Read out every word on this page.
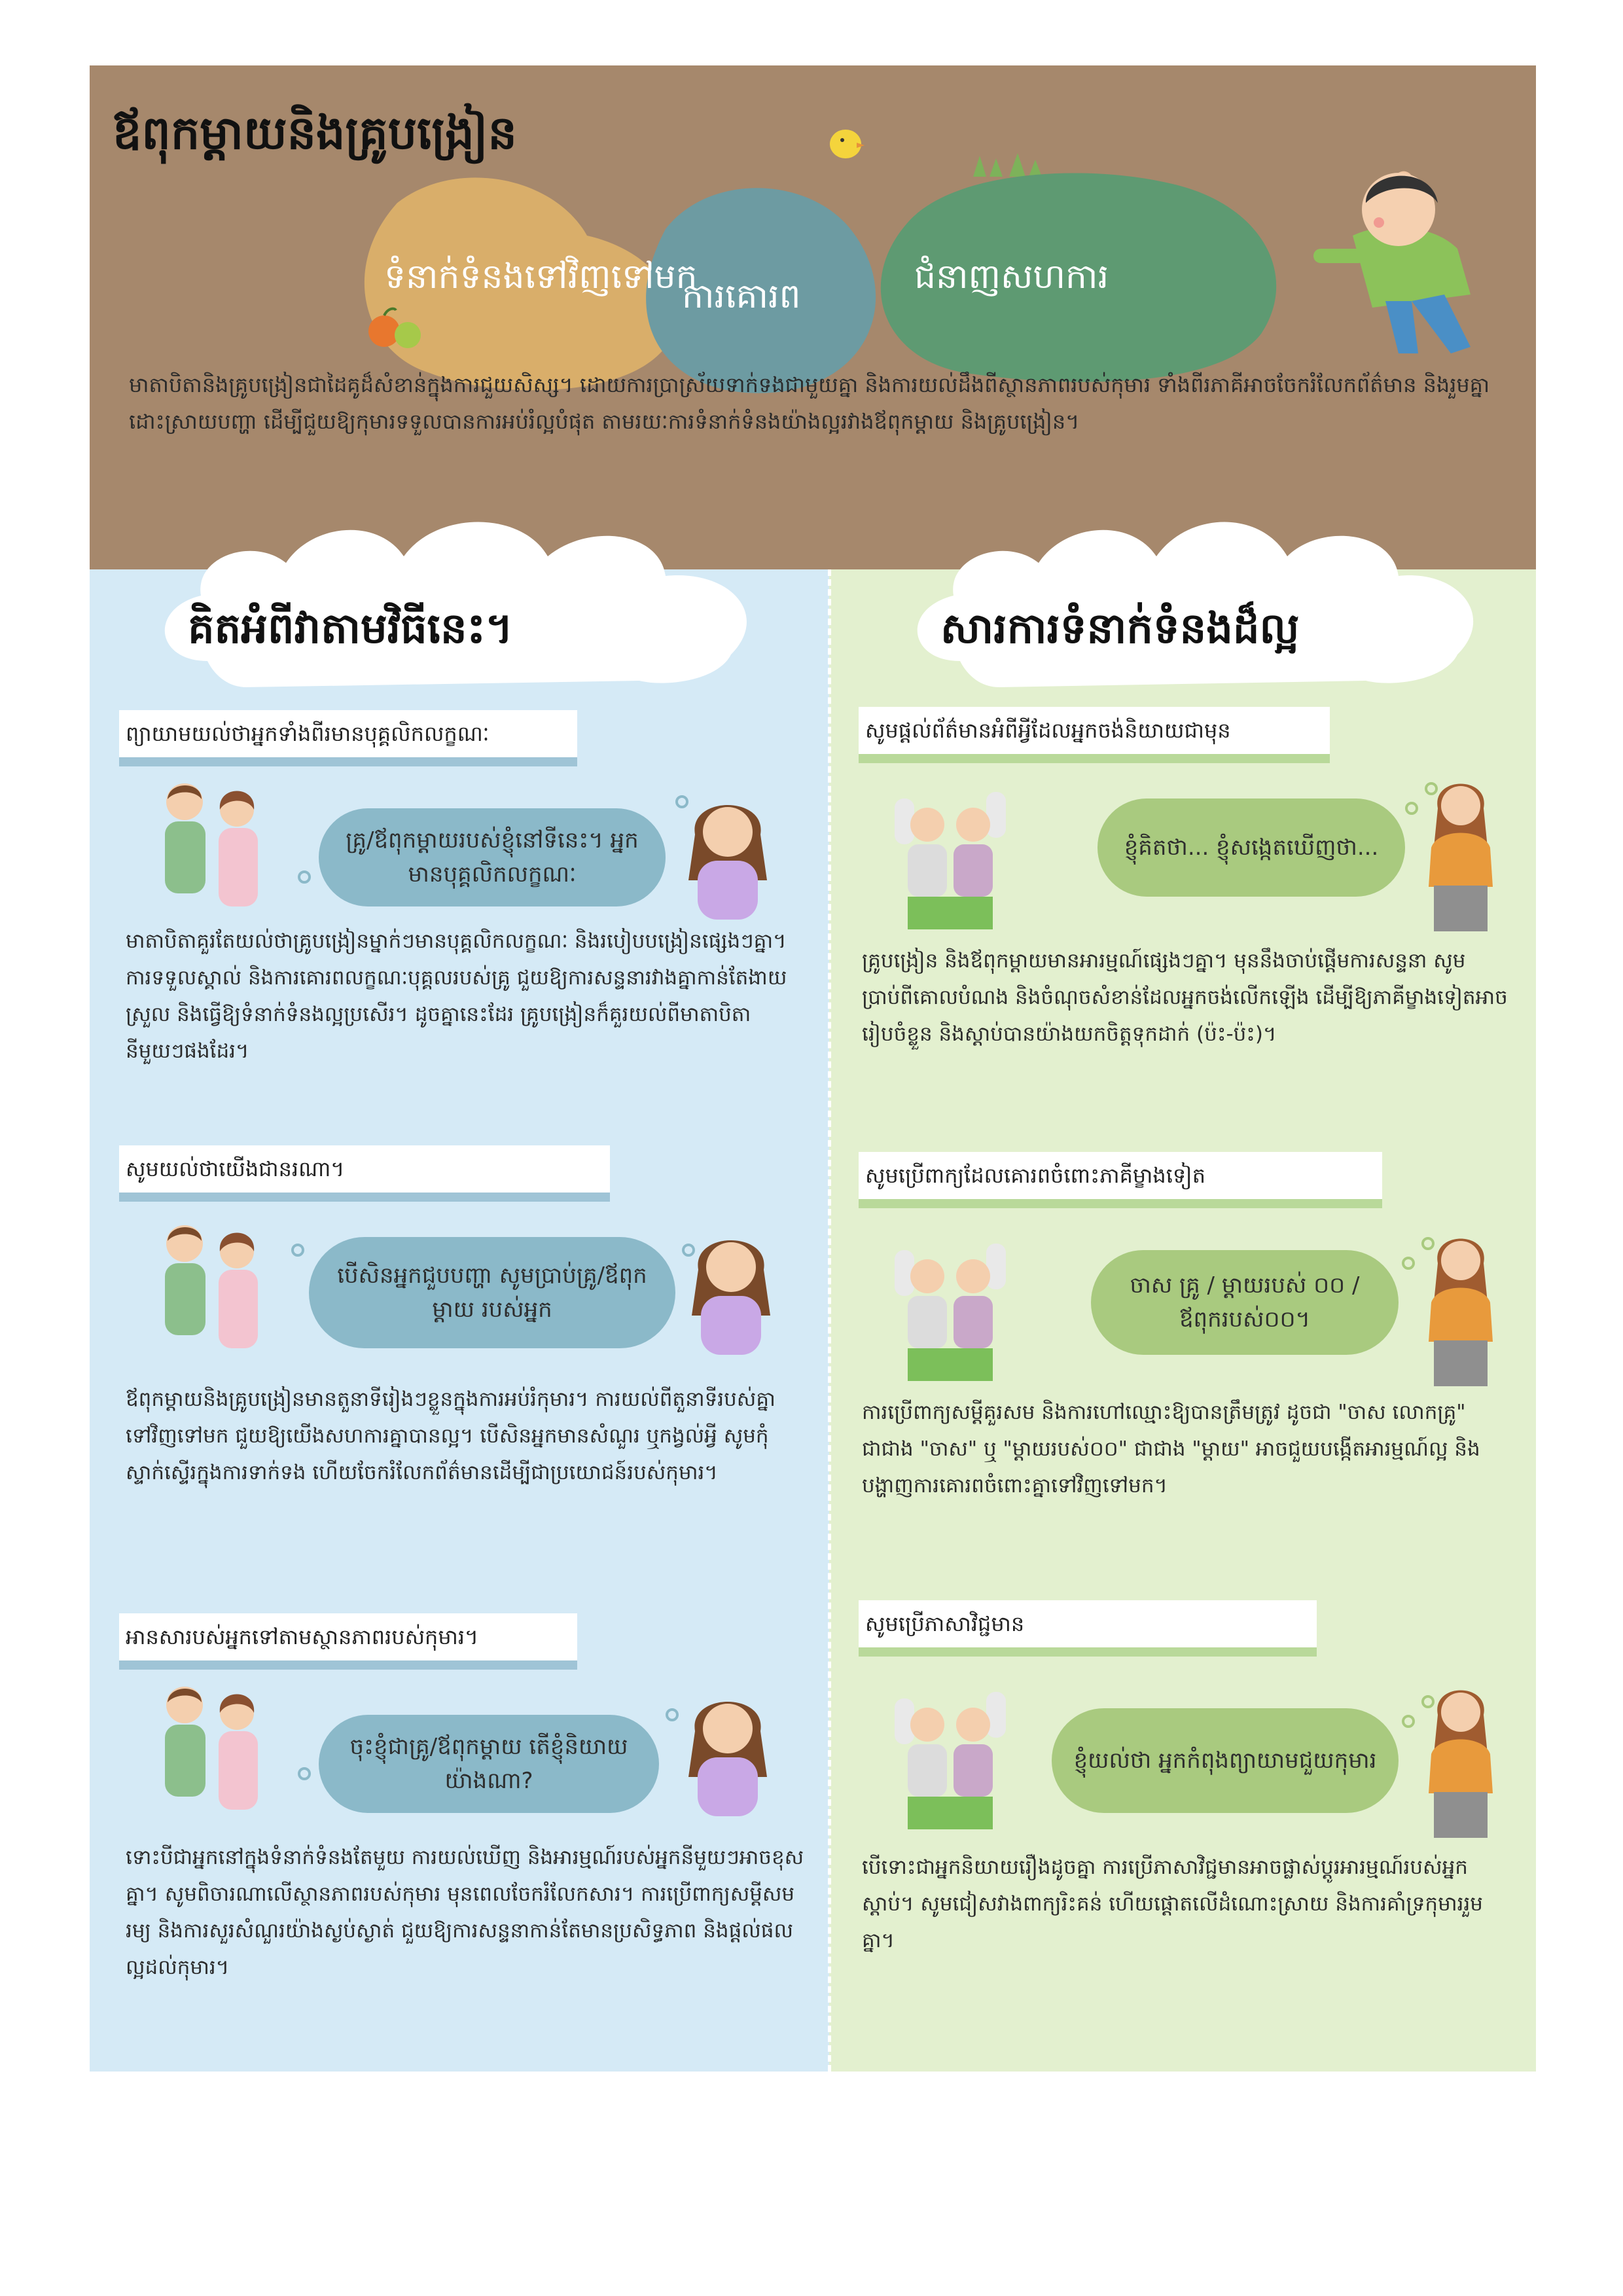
ឪពុកម្តាយនិងគ្រូបង្រៀន
ទំនាក់ទំនងទៅវិញទៅមក
ការគោរព	ជំនាញសហការ
មាតាបិតានិងគ្រូបង្រៀនជាដៃគូដ៏សំខាន់ក្នុងការជួយសិស្ស។ ដោយការប្រាស្រ័យទាក់ទងជាមួយគ្នា និងការយល់ដឹងពីស្ថានភាពរបស់កុមារ ទាំងពីរភាគីអាចចែករំលែកព័ត៌មាន និងរួមគ្នាដោះស្រាយបញ្ហា ដើម្បីជួយឱ្យកុមារទទួលបានការអប់រំល្អបំផុត តាមរយៈការទំនាក់ទំនងយ៉ាងល្អរវាងឪពុកម្តាយ និងគ្រូបង្រៀន។
គិតអំពីវាតាមវិធីនេះ។	សារការទំនាក់ទំនងដ៏ល្អ
ព្យាយាមយល់ថាអ្នកទាំងពីរមានបុគ្គលិកលក្ខណៈ
គ្រូ/ឪពុកម្តាយរបស់ខ្ញុំនៅទីនេះ។ អ្នកមានបុគ្គលិកលក្ខណៈ
មាតាបិតាគួរតែយល់ថាគ្រូបង្រៀនម្នាក់ៗមានបុគ្គលិកលក្ខណៈ និងរបៀបបង្រៀនផ្សេងៗគ្នា។ ការទទួលស្គាល់ និងការគោរពលក្ខណៈបុគ្គលរបស់គ្រូ ជួយឱ្យការសន្ទនារវាងគ្នាកាន់តែងាយស្រួល និងធ្វើឱ្យទំនាក់ទំនងល្អប្រសើរ។ ដូចគ្នានេះដែរ គ្រូបង្រៀនក៏គួរយល់ពីមាតាបិតានីមួយៗផងដែរ។
សូមយល់ថាយើងជានរណា។
បើសិនអ្នកជួបបញ្ហា សូមប្រាប់គ្រូ/ឪពុកម្តាយ របស់អ្នក
ឪពុកម្តាយនិងគ្រូបង្រៀនមានតួនាទីរៀងៗខ្លួនក្នុងការអប់រំកុមារ។ ការយល់ពីតួនាទីរបស់គ្នាទៅវិញទៅមក ជួយឱ្យយើងសហការគ្នាបានល្អ។ បើសិនអ្នកមានសំណួរ ឬកង្វល់អ្វី សូមកុំស្ទាក់ស្ទើរក្នុងការទាក់ទង ហើយចែករំលែកព័ត៌មានដើម្បីជាប្រយោជន៍របស់កុមារ។
អានសារបស់អ្នកទៅតាមស្ថានភាពរបស់កុមារ។
ចុះខ្ញុំជាគ្រូ/ឪពុកម្តាយ តើខ្ញុំនិយាយយ៉ាងណា?
ទោះបីជាអ្នកនៅក្នុងទំនាក់ទំនងតែមួយ ការយល់ឃើញ និងអារម្មណ៍របស់អ្នកនីមួយៗអាចខុសគ្នា។ សូមពិចារណាលើស្ថានភាពរបស់កុមារ មុនពេលចែករំលែកសារ។ ការប្រើពាក្យសម្តីសមរម្យ និងការសួរសំណួរយ៉ាងស្ងប់ស្ងាត់ ជួយឱ្យការសន្ទនាកាន់តែមានប្រសិទ្ធភាព និងផ្តល់ផលល្អដល់កុមារ។
សូមផ្តល់ព័ត៌មានអំពីអ្វីដែលអ្នកចង់និយាយជាមុន
ខ្ញុំគិតថា... ខ្ញុំសង្កេតឃើញថា...
គ្រូបង្រៀន និងឪពុកម្តាយមានអារម្មណ៍ផ្សេងៗគ្នា។ មុននឹងចាប់ផ្តើមការសន្ទនា សូមប្រាប់ពីគោលបំណង និងចំណុចសំខាន់ដែលអ្នកចង់លើកឡើង ដើម្បីឱ្យភាគីម្ខាងទៀតអាចរៀបចំខ្លួន និងស្តាប់បានយ៉ាងយកចិត្តទុកដាក់ (ប៉ះ-ប៉ះ)។
សូមប្រើពាក្យដែលគោរពចំពោះភាគីម្ខាងទៀត
ចាស គ្រូ / ម្តាយរបស់ ០០ / ឪពុករបស់០០។
ការប្រើពាក្យសម្តីគួរសម និងការហៅឈ្មោះឱ្យបានត្រឹមត្រូវ ដូចជា "ចាស លោកគ្រូ" ជាជាង "ចាស" ឬ "ម្តាយរបស់០០" ជាជាង "ម្តាយ" អាចជួយបង្កើតអារម្មណ៍ល្អ និងបង្ហាញការគោរពចំពោះគ្នាទៅវិញទៅមក។
សូមប្រើភាសាវិជ្ជមាន
ខ្ញុំយល់ថា អ្នកកំពុងព្យាយាមជួយកុមារ
បើទោះជាអ្នកនិយាយរឿងដូចគ្នា ការប្រើភាសាវិជ្ជមានអាចផ្លាស់ប្តូរអារម្មណ៍របស់អ្នកស្តាប់។ សូមជៀសវាងពាក្យរិះគន់ ហើយផ្តោតលើដំណោះស្រាយ និងការគាំទ្រកុមាររួមគ្នា។
